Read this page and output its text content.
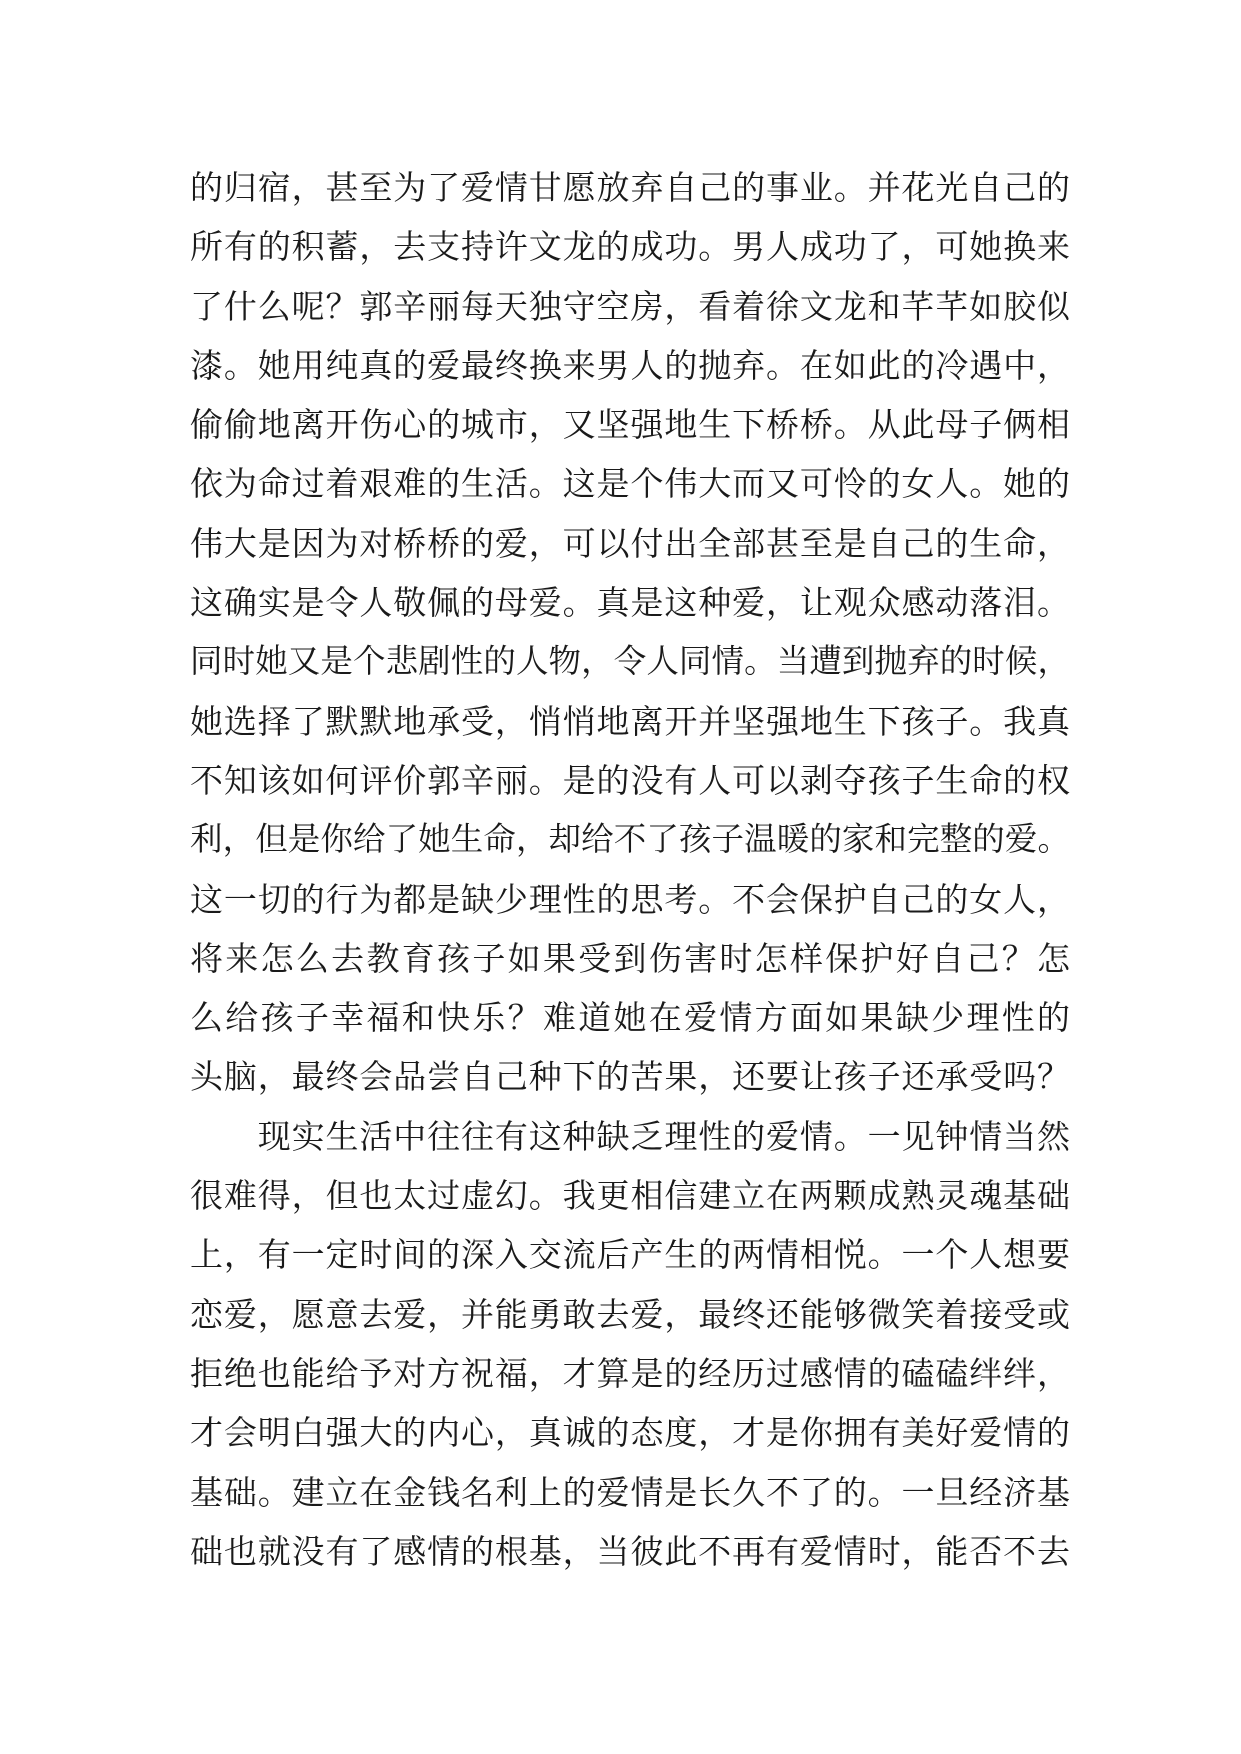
的归宿，甚至为了爱情甘愿放弃自己的事业。并花光自己的
所有的积蓄，去支持许文龙的成功。男人成功了，可她换来
了什么呢？郭辛丽每天独守空房，看着徐文龙和芊芊如胶似
漆。她用纯真的爱最终换来男人的抛弃。在如此的冷遇中，
偷偷地离开伤心的城市，又坚强地生下桥桥。从此母子俩相
依为命过着艰难的生活。这是个伟大而又可怜的女人。她的
伟大是因为对桥桥的爱，可以付出全部甚至是自己的生命，
这确实是令人敬佩的母爱。真是这种爱，让观众感动落泪。
同时她又是个悲剧性的人物，令人同情。当遭到抛弃的时候，
她选择了默默地承受，悄悄地离开并坚强地生下孩子。我真
不知该如何评价郭辛丽。是的没有人可以剥夺孩子生命的权
利，但是你给了她生命，却给不了孩子温暖的家和完整的爱。
这一切的行为都是缺少理性的思考。不会保护自己的女人，
将来怎么去教育孩子如果受到伤害时怎样保护好自己？怎
么给孩子幸福和快乐？难道她在爱情方面如果缺少理性的
头脑，最终会品尝自己种下的苦果，还要让孩子还承受吗？
　　现实生活中往往有这种缺乏理性的爱情。一见钟情当然
很难得，但也太过虚幻。我更相信建立在两颗成熟灵魂基础
上，有一定时间的深入交流后产生的两情相悦。一个人想要
恋爱，愿意去爱，并能勇敢去爱，最终还能够微笑着接受或
拒绝也能给予对方祝福，才算是的经历过感情的磕磕绊绊，
才会明白强大的内心，真诚的态度，才是你拥有美好爱情的
基础。建立在金钱名利上的爱情是长久不了的。一旦经济基
础也就没有了感情的根基，当彼此不再有爱情时，能否不去
